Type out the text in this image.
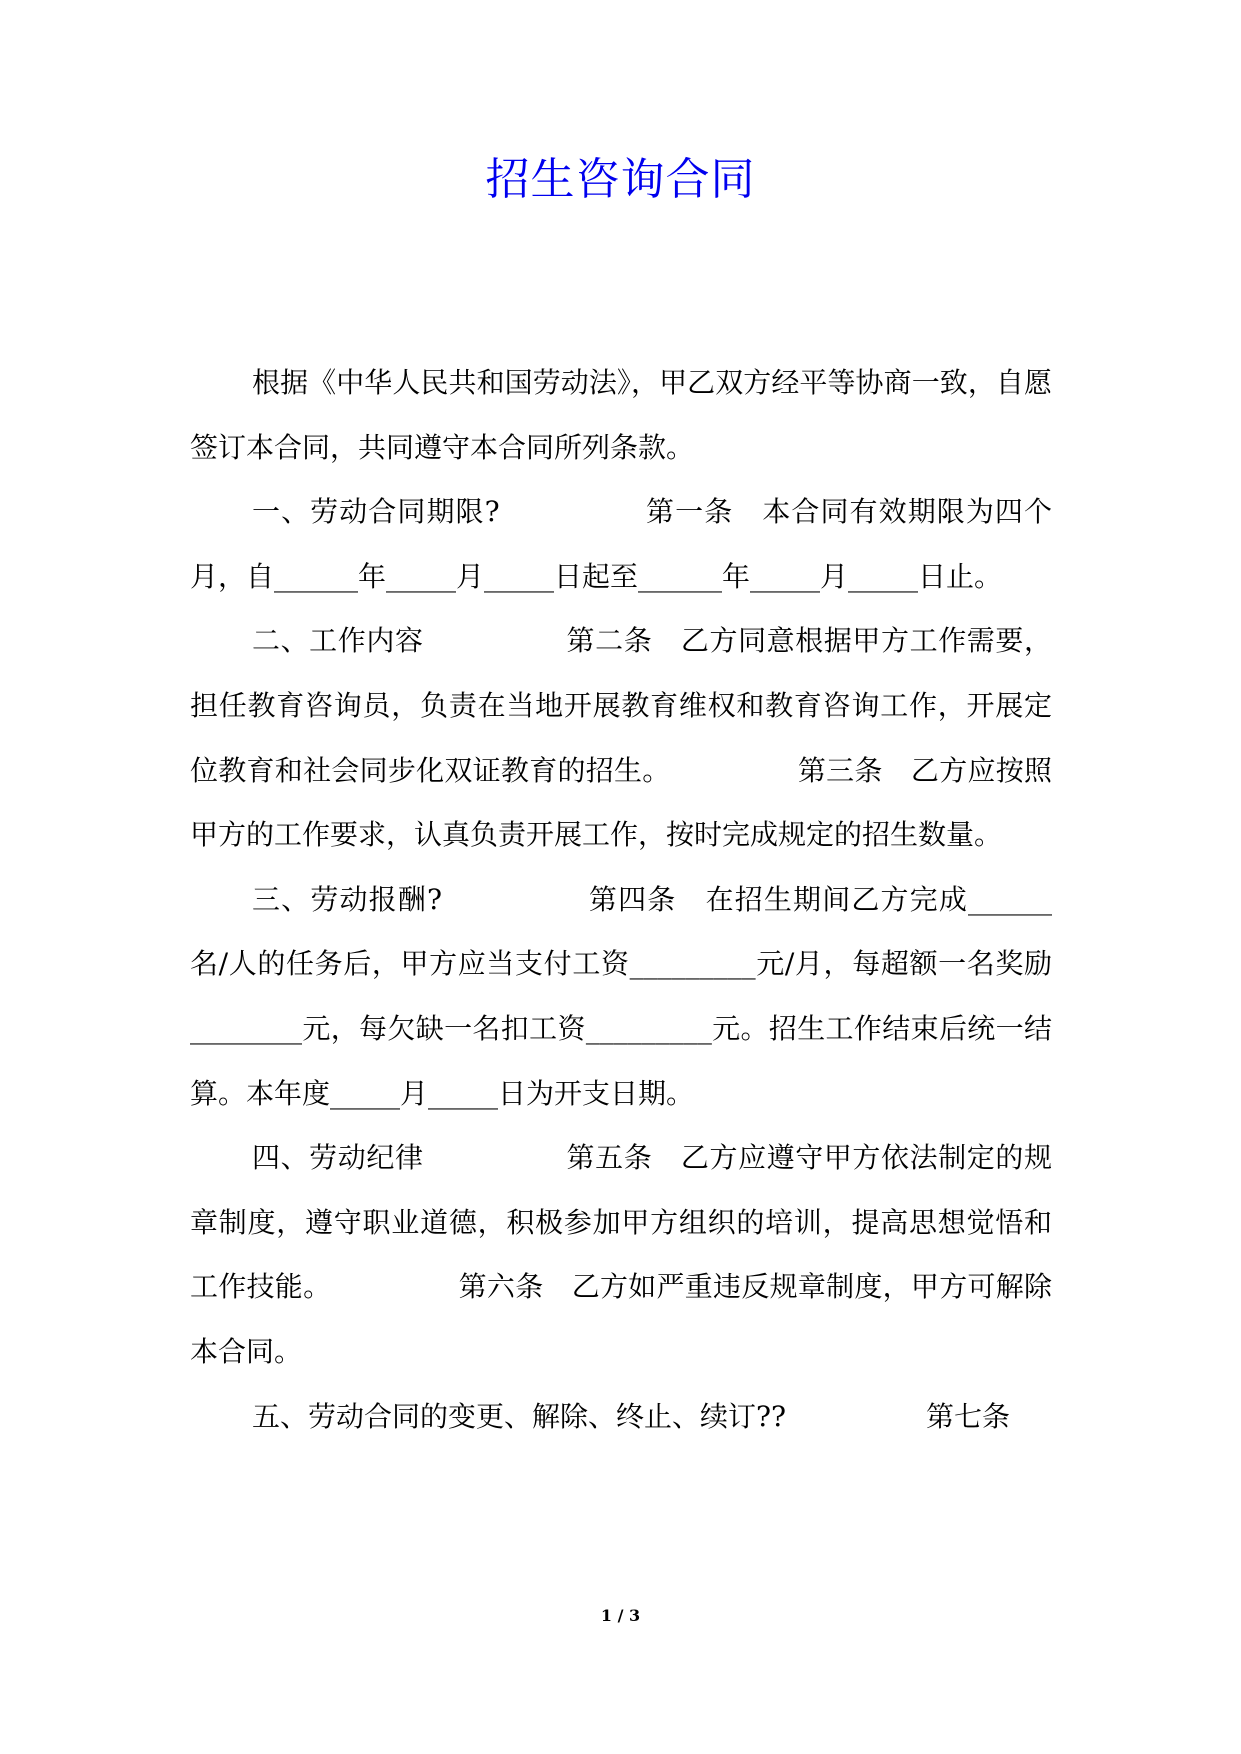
招生咨询合同

根据《中华人民共和国劳动法》，甲乙双方经平等协商一致，自愿签订本合同，共同遵守本合同所列条款。

一、劳动合同期限?　　　　　第一条　本合同有效期限为四个月，自______年_____月_____日起至______年_____月_____日止。

二、工作内容　　　　　第二条　乙方同意根据甲方工作需要，担任教育咨询员，负责在当地开展教育维权和教育咨询工作，开展定位教育和社会同步化双证教育的招生。　　　　　第三条　乙方应按照甲方的工作要求，认真负责开展工作，按时完成规定的招生数量。

三、劳动报酬?　　　　　第四条　在招生期间乙方完成______名/人的任务后，甲方应当支付工资_________元/月，每超额一名奖励________元，每欠缺一名扣工资_________元。招生工作结束后统一结算。本年度_____月_____日为开支日期。

四、劳动纪律　　　　　第五条　乙方应遵守甲方依法制定的规章制度，遵守职业道德，积极参加甲方组织的培训，提高思想觉悟和工作技能。　　　　　第六条　乙方如严重违反规章制度，甲方可解除本合同。

五、劳动合同的变更、解除、终止、续订??　　　　　第七条

1 / 3
